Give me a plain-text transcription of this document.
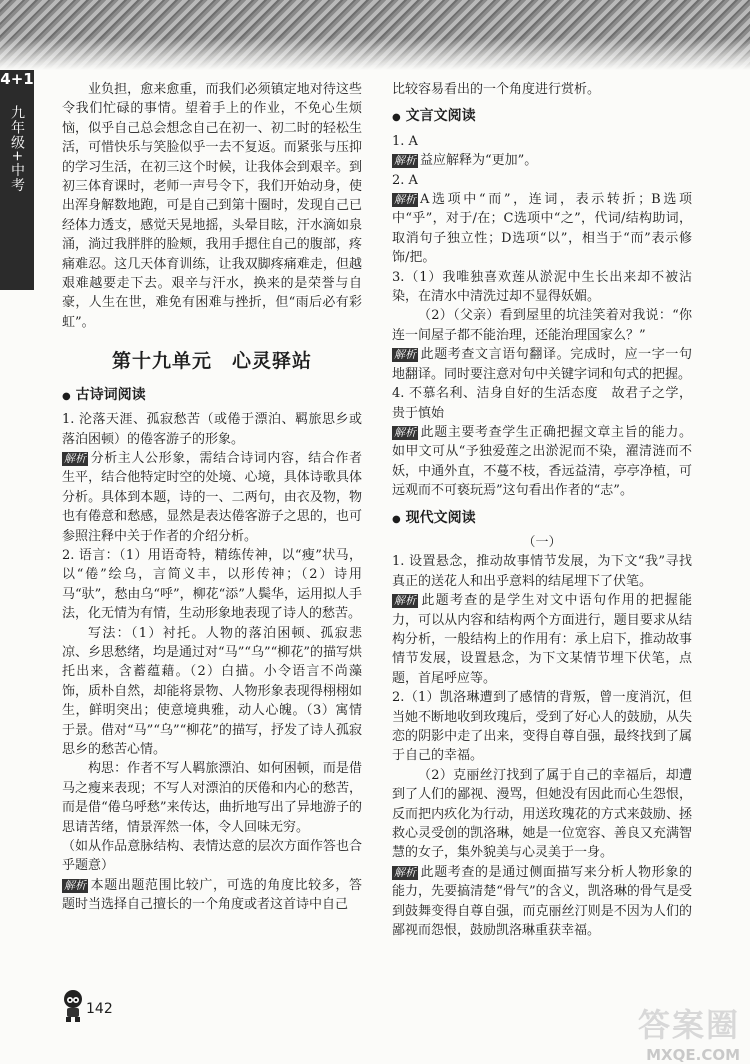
4+1
九年级+中考

业负担，愈来愈重，而我们必须镇定地对待这些令我们忙碌的事情。望着手上的作业，不免心生烦恼，似乎自己总会想念自己在初一、初二时的轻松生活，可惜快乐与笑脸似乎一去不复返。而紧张与压抑的学习生活，在初三这个时候，让我体会到艰辛。到初三体育课时，老师一声号令下，我们开始动身，使出浑身解数地跑，可是自己到第十圈时，发现自己已经体力透支，感觉天晃地摇，头晕目眩，汗水滴如泉涌，淌过我胖胖的脸颊，我用手摁住自己的腹部，疼痛难忍。这几天体育训练，让我双脚疼痛难走，但越艰难越要走下去。艰辛与汗水，换来的是荣誉与自豪，人生在世，难免有困难与挫折，但“雨后必有彩虹”。

第十九单元　心灵驿站
● 古诗词阅读

1. 沦落天涯、孤寂愁苦（或倦于漂泊、羁旅思乡或落泊困顿）的倦客游子的形象。

解析 分析主人公形象，需结合诗词内容，结合作者生平，结合他特定时空的处境、心境，具体诗歌具体分析。具体到本题，诗的一、二两句，由衣及物，物也有倦意和愁感，显然是表达倦客游子之思的，也可参照注释中关于作者的介绍分析。

2. 语言：（1）用语奇特，精练传神，以“瘦”状马，以“倦”绘乌，言简义丰，以形传神；（2）诗用马“驮”，愁由乌“呼”，柳花“添”人鬓华，运用拟人手法，化无情为有情，生动形象地表现了诗人的愁苦。

写法：（1）衬托。人物的落泊困顿、孤寂悲凉、乡思愁绪，均是通过对“马”“乌”“柳花”的描写烘托出来，含蓄蕴藉。（2）白描。小令语言不尚藻饰，质朴自然，却能将景物、人物形象表现得栩栩如生，鲜明突出；使意境典雅，动人心魄。（3）寓情于景。借对“马”“乌”“柳花”的描写，抒发了诗人孤寂思乡的愁苦心情。

构思：作者不写人羁旅漂泊、如何困顿，而是借马之瘦来表现；不写人对漂泊的厌倦和内心的愁苦，而是借“倦乌呼愁”来传达，曲折地写出了异地游子的思请苦绪，情景浑然一体，令人回味无穷。

（如从作品意脉结构、表情达意的层次方面作答也合乎题意）

解析 本题出题范围比较广，可选的角度比较多，答题时当选择自己擅长的一个角度或者这首诗中自己

比较容易看出的一个角度进行赏析。

● 文言文阅读

1. A

解析 益应解释为“更加”。

2. A

解析 A选项中“而”，连词，表示转折；B选项中“乎”，对于/在；C选项中“之”，代词/结构助词，取消句子独立性；D选项“以”，相当于“而”表示修饰/把。

3.（1）我唯独喜欢莲从淤泥中生长出来却不被沾染，在清水中清洗过却不显得妖媚。

（2）（父亲）看到屋里的坑洼笑着对我说：“你连一间屋子都不能治理，还能治理国家么？”

解析 此题考查文言语句翻译。完成时，应一字一句地翻译。同时要注意对句中关键字词和句式的把握。

4. 不慕名利、洁身自好的生活态度　故君子之学，贵于慎始

解析 此题主要考查学生正确把握文章主旨的能力。如甲文可从“予独爱莲之出淤泥而不染，濯清涟而不妖，中通外直，不蔓不枝，香远益清，亭亭净植，可远观而不可亵玩焉”这句看出作者的“志”。

● 现代文阅读

（一）

1. 设置悬念，推动故事情节发展，为下文“我”寻找真正的送花人和出乎意料的结尾埋下了伏笔。

解析 此题考查的是学生对文中语句作用的把握能力，可以从内容和结构两个方面进行，题目要求从结构分析，一般结构上的作用有：承上启下，推动故事情节发展，设置悬念，为下文某情节埋下伏笔，点题，首尾呼应等。

2.（1）凯洛琳遭到了感情的背叛，曾一度消沉，但当她不断地收到玫瑰后，受到了好心人的鼓励，从失恋的阴影中走了出来，变得自尊自强，最终找到了属于自己的幸福。

（2）克丽丝汀找到了属于自己的幸福后，却遭到了人们的鄙视、漫骂，但她没有因此而心生怨恨，反而把内疚化为行动，用送玫瑰花的方式来鼓励、拯救心灵受创的凯洛琳，她是一位宽容、善良又充满智慧的女子，集外貌美与心灵美于一身。

解析 此题考查的是通过侧面描写来分析人物形象的能力，先要搞清楚“骨气”的含义，凯洛琳的骨气是受到鼓舞变得自尊自强，而克丽丝汀则是不因为人们的鄙视而怨恨，鼓励凯洛琳重获幸福。

142	答案圈
MXQE.COM
